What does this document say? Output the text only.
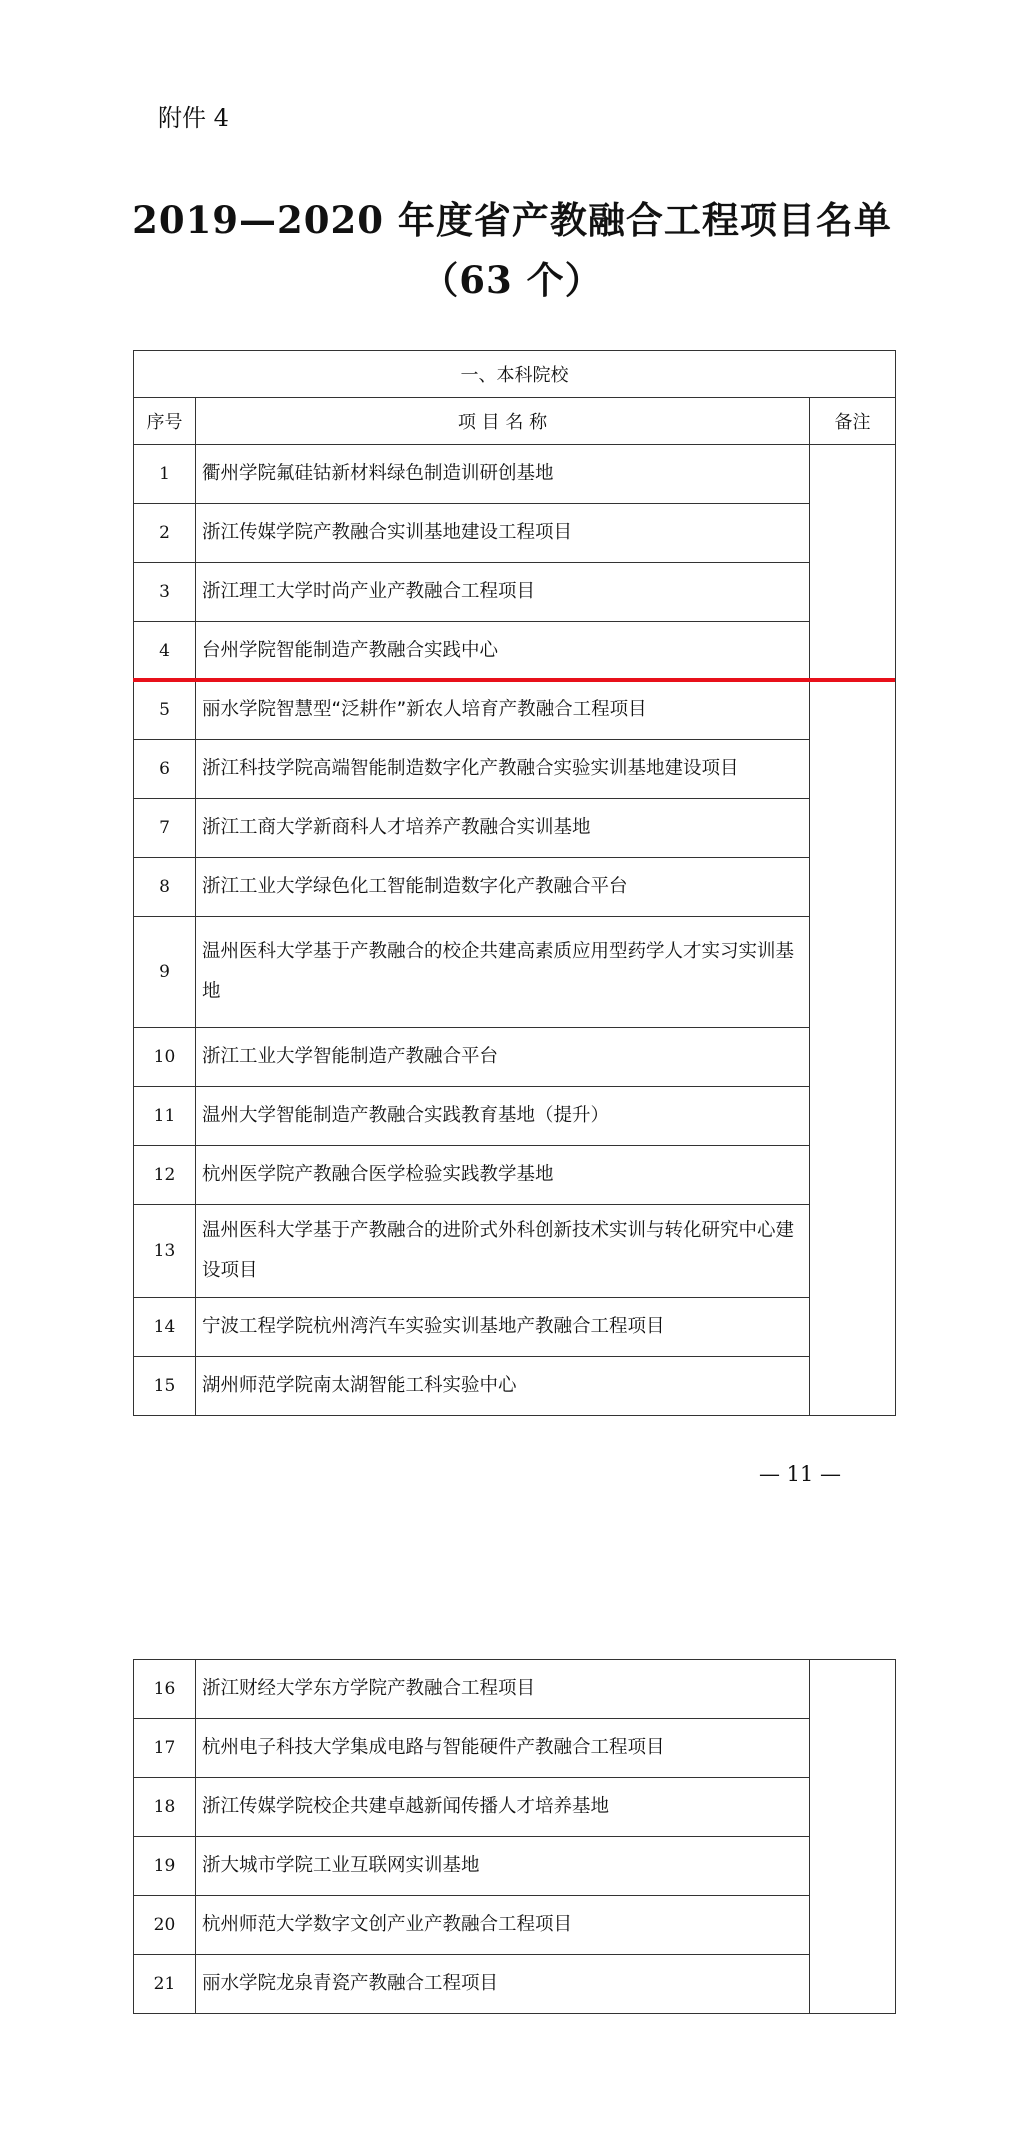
附件 4
2019—2020 年度省产教融合工程项目名单
（63 个）
一、本科院校		
序号	项 目 名 称	备注
1	衢州学院氟硅钴新材料绿色制造训研创基地	
2	浙江传媒学院产教融合实训基地建设工程项目	
3	浙江理工大学时尚产业产教融合工程项目	
4	台州学院智能制造产教融合实践中心	
5	丽水学院智慧型“泛耕作”新农人培育产教融合工程项目	
6	浙江科技学院高端智能制造数字化产教融合实验实训基地建设项目	
7	浙江工商大学新商科人才培养产教融合实训基地	
8	浙江工业大学绿色化工智能制造数字化产教融合平台	
9	温州医科大学基于产教融合的校企共建高素质应用型药学人才实习实训基地	
10	浙江工业大学智能制造产教融合平台	
11	温州大学智能制造产教融合实践教育基地（提升）	
12	杭州医学院产教融合医学检验实践教学基地	
13	温州医科大学基于产教融合的进阶式外科创新技术实训与转化研究中心建设项目	
14	宁波工程学院杭州湾汽车实验实训基地产教融合工程项目	
15	湖州师范学院南太湖智能工科实验中心	
— 11 —
16	浙江财经大学东方学院产教融合工程项目	
17	杭州电子科技大学集成电路与智能硬件产教融合工程项目	
18	浙江传媒学院校企共建卓越新闻传播人才培养基地	
19	浙大城市学院工业互联网实训基地	
20	杭州师范大学数字文创产业产教融合工程项目	
21	丽水学院龙泉青瓷产教融合工程项目	
